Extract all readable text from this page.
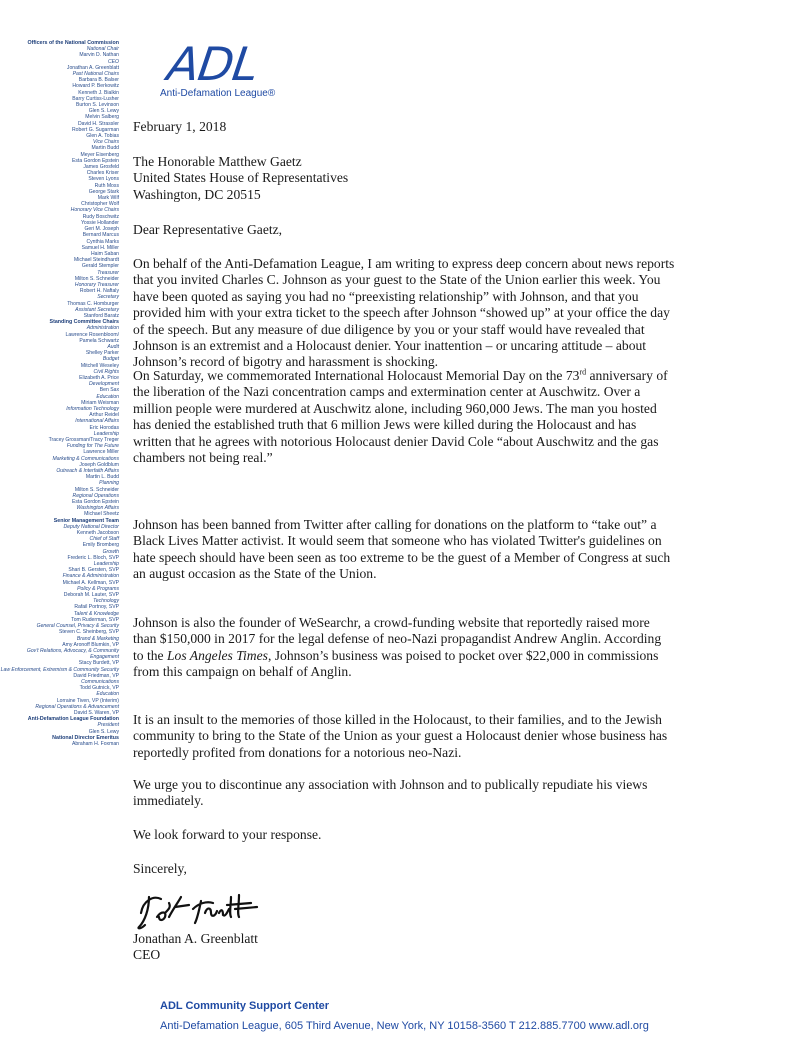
Officers of the National Commission
National Chair
Marvin D. Nathan
CEO
Jonathan A. Greenblatt
Past National Chairs
Barbara B. Balser
Howard P. Berkowitz
Kenneth J. Bialkin
Barry Curtiss-Lusher
Burton S. Levinson
Glen S. Lewy
Melvin Salberg
David H. Strassler
Robert G. Sugarman
Glen A. Tobias
Vice Chairs
Martin Budd
Meyer Eisenberg
Esta Gordon Epstein
James Grosfeld
Charles Kriser
Steven Lyons
Ruth Moss
George Stark
Mark Wilf
Christopher Wolf
Honorary Vice Chairs
Rudy Boschwitz
Yossie Hollander
Geri M. Joseph
Bernard Marcus
Cynthia Marks
Samuel H. Miller
Haim Saban
Michael Steindhardt
Gerald Stempler
Treasurer
Milton S. Schneider
Honorary Treasurer
Robert H. Naftaly
Secretary
Thomas C. Homburger
Assistant Secretary
Stanford Baratz
Standing Committee Chairs
Administration
Lawrence Rosenbloom/
Pamela Schwartz
Audit
Shelley Parker
Budget
Mitchell Weseley
Civil Rights
Elizabeth A. Price
Development
Ben Sax
Education
Miriam Weisman
Information Technology
Arthur Reidel
International Affairs
Eric Horodas
Leadership
Tracey Grossman/Tracy Treger
Funding for The Future
Lawrence Miller
Marketing & Communications
Joseph Goldblum
Outreach & Interfaith Affairs
Martin L. Budd
Planning
Milton S. Schneider
Regional Operations
Esta Gordon Epstein
Washington Affairs
Michael Sheetz
Senior Management Team
Deputy National Director
Kenneth Jacobson
Chief of Staff
Emily Bromberg
Growth
Frederic L. Bloch, SVP
Leadership
Shari B. Gersten, SVP
Finance & Administration
Michael A. Kellman, SVP
Policy & Programs
Deborah M. Lauter, SVP
Technology
Rafail Portnoy, SVP
Talent & Knowledge
Tom Ruderman, SVP
General Counsel, Privacy & Security
Steven C. Sheinberg, SVP
Brand & Marketing
Amy Aronoff Blumkin, VP
Gov't Relations, Advocacy, & Community Engagement
Stacy Burdett, VP
Law Enforcement, Extremism & Community Security
David Friedman, VP
Communications
Todd Gutnick, VP
Education
Lorraine Tiven, VP (Interim)
Regional Operations & Advancement
David S. Waren, VP
Anti-Defamation League Foundation
President
Glen S. Lewy
National Director Emeritus
Abraham H. Foxman
ADL
Anti-Defamation League®
February 1, 2018
The Honorable Matthew Gaetz
United States House of Representatives
Washington, DC 20515
Dear Representative Gaetz,
On behalf of the Anti-Defamation League, I am writing to express deep concern about news reports
that you invited Charles C. Johnson as your guest to the State of the Union earlier this week. You
have been quoted as saying you had no “preexisting relationship” with Johnson, and that you
provided him with your extra ticket to the speech after Johnson “showed up” at your office the day
of the speech. But any measure of due diligence by you or your staff would have revealed that
Johnson is an extremist and a Holocaust denier. Your inattention – or uncaring attitude – about
Johnson’s record of bigotry and harassment is shocking.
On Saturday, we commemorated International Holocaust Memorial Day on the 73rd anniversary of
the liberation of the Nazi concentration camps and extermination center at Auschwitz. Over a
million people were murdered at Auschwitz alone, including 960,000 Jews. The man you hosted
has denied the established truth that 6 million Jews were killed during the Holocaust and has
written that he agrees with notorious Holocaust denier David Cole “about Auschwitz and the gas
chambers not being real.”
Johnson has been banned from Twitter after calling for donations on the platform to “take out” a
Black Lives Matter activist. It would seem that someone who has violated Twitter's guidelines on
hate speech should have been seen as too extreme to be the guest of a Member of Congress at such
an august occasion as the State of the Union.
Johnson is also the founder of WeSearchr, a crowd-funding website that reportedly raised more
than $150,000 in 2017 for the legal defense of neo-Nazi propagandist Andrew Anglin. According
to the Los Angeles Times, Johnson’s business was poised to pocket over $22,000 in commissions
from this campaign on behalf of Anglin.
It is an insult to the memories of those killed in the Holocaust, to their families, and to the Jewish
community to bring to the State of the Union as your guest a Holocaust denier whose business has
reportedly profited from donations for a notorious neo-Nazi.
We urge you to discontinue any association with Johnson and to publically repudiate his views
immediately.
We look forward to your response.
Sincerely,
Jonathan A. Greenblatt
CEO
ADL Community Support Center
Anti-Defamation League, 605 Third Avenue, New York, NY 10158-3560 T 212.885.7700 www.adl.org
